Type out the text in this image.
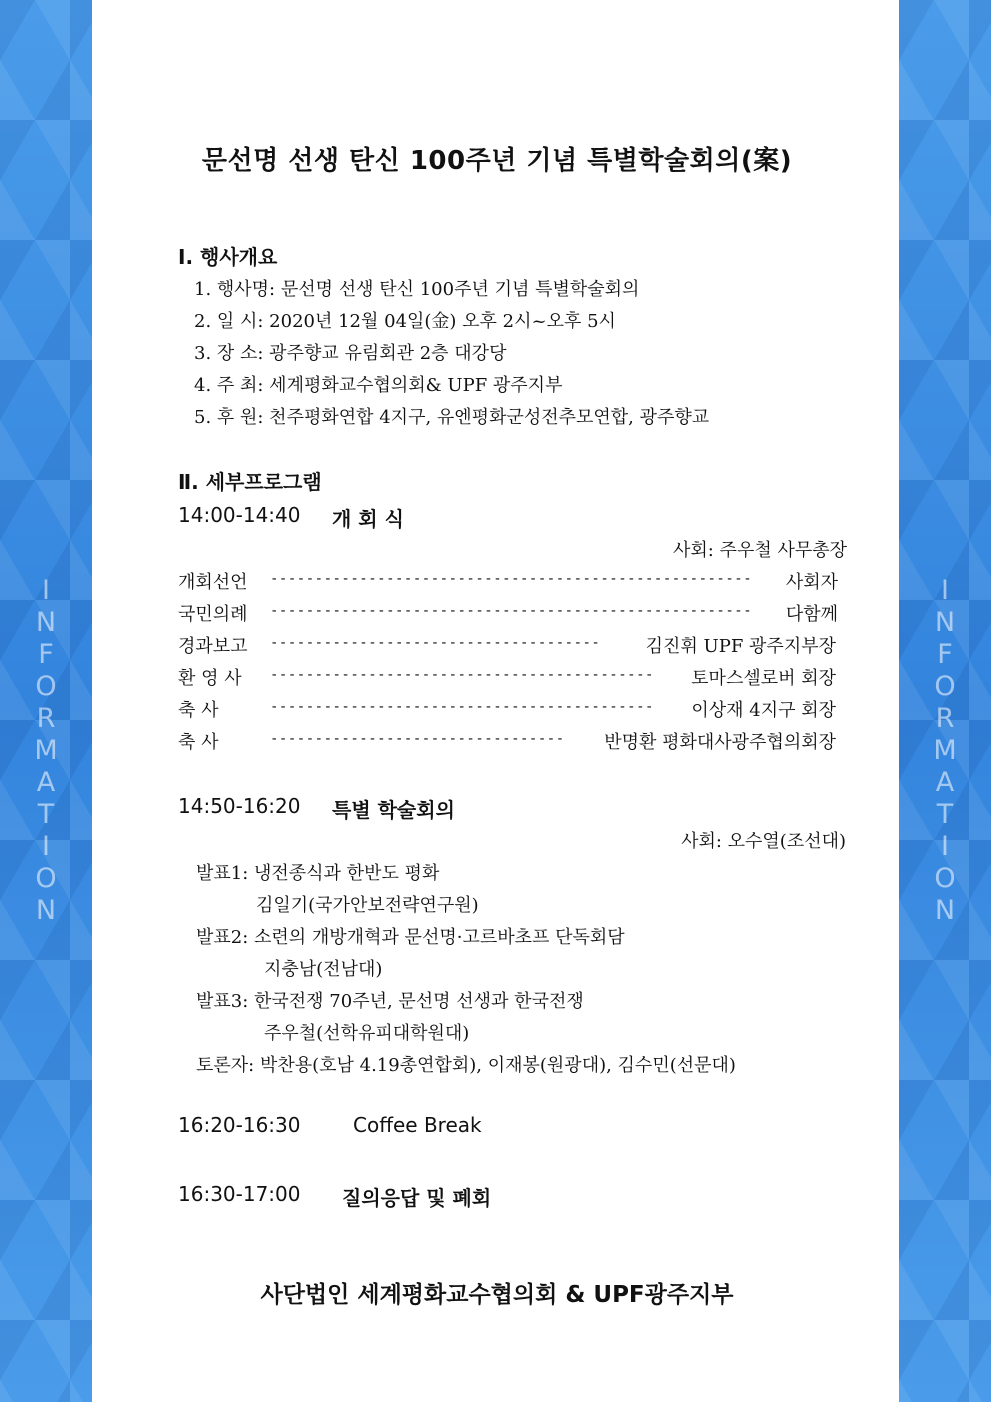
I
N
F
O
R
M
A
T
I
O
N
I
N
F
O
R
M
A
T
I
O
N
문선명 선생 탄신 100주년 기념 특별학술회의(案)
Ⅰ. 행사개요
1. 행사명: 문선명 선생 탄신 100주년 기념 특별학술회의
2. 일 시: 2020년 12월 04일(金) 오후 2시~오후 5시
3. 장 소: 광주향교 유림회관 2층 대강당
4. 주 최: 세계평화교수협의회& UPF 광주지부
5. 후 원: 천주평화연합 4지구, 유엔평화군성전추모연합, 광주향교
Ⅱ. 세부프로그램
14:00-14:40 개 회 식
사회: 주우철 사무총장
개회선언 ------------------------------------------------------ 사회자
국민의례 ------------------------------------------------------ 다함께
경과보고 -------------------------------------	김진휘 UPF 광주지부장
환 영 사 ------------------------------------------- 토마스셀로버 회장
축 사	------------------------------------------- 이상재 4지구 회장
축 사	--------------------------------- 반명환 평화대사광주협의회장
14:50-16:20 특별 학술회의
사회: 오수열(조선대)
발표1: 냉전종식과 한반도 평화
김일기(국가안보전략연구원)
발표2: 소련의 개방개혁과 문선명·고르바초프 단독회담
지충남(전남대)
발표3: 한국전쟁 70주년, 문선명 선생과 한국전쟁
주우철(선학유피대학원대)
토론자: 박찬용(호남 4.19총연합회), 이재봉(원광대), 김수민(선문대)
16:20-16:30	Coffee Break
16:30-17:00 질의응답 및 폐회
사단법인 세계평화교수협의회 & UPF광주지부
